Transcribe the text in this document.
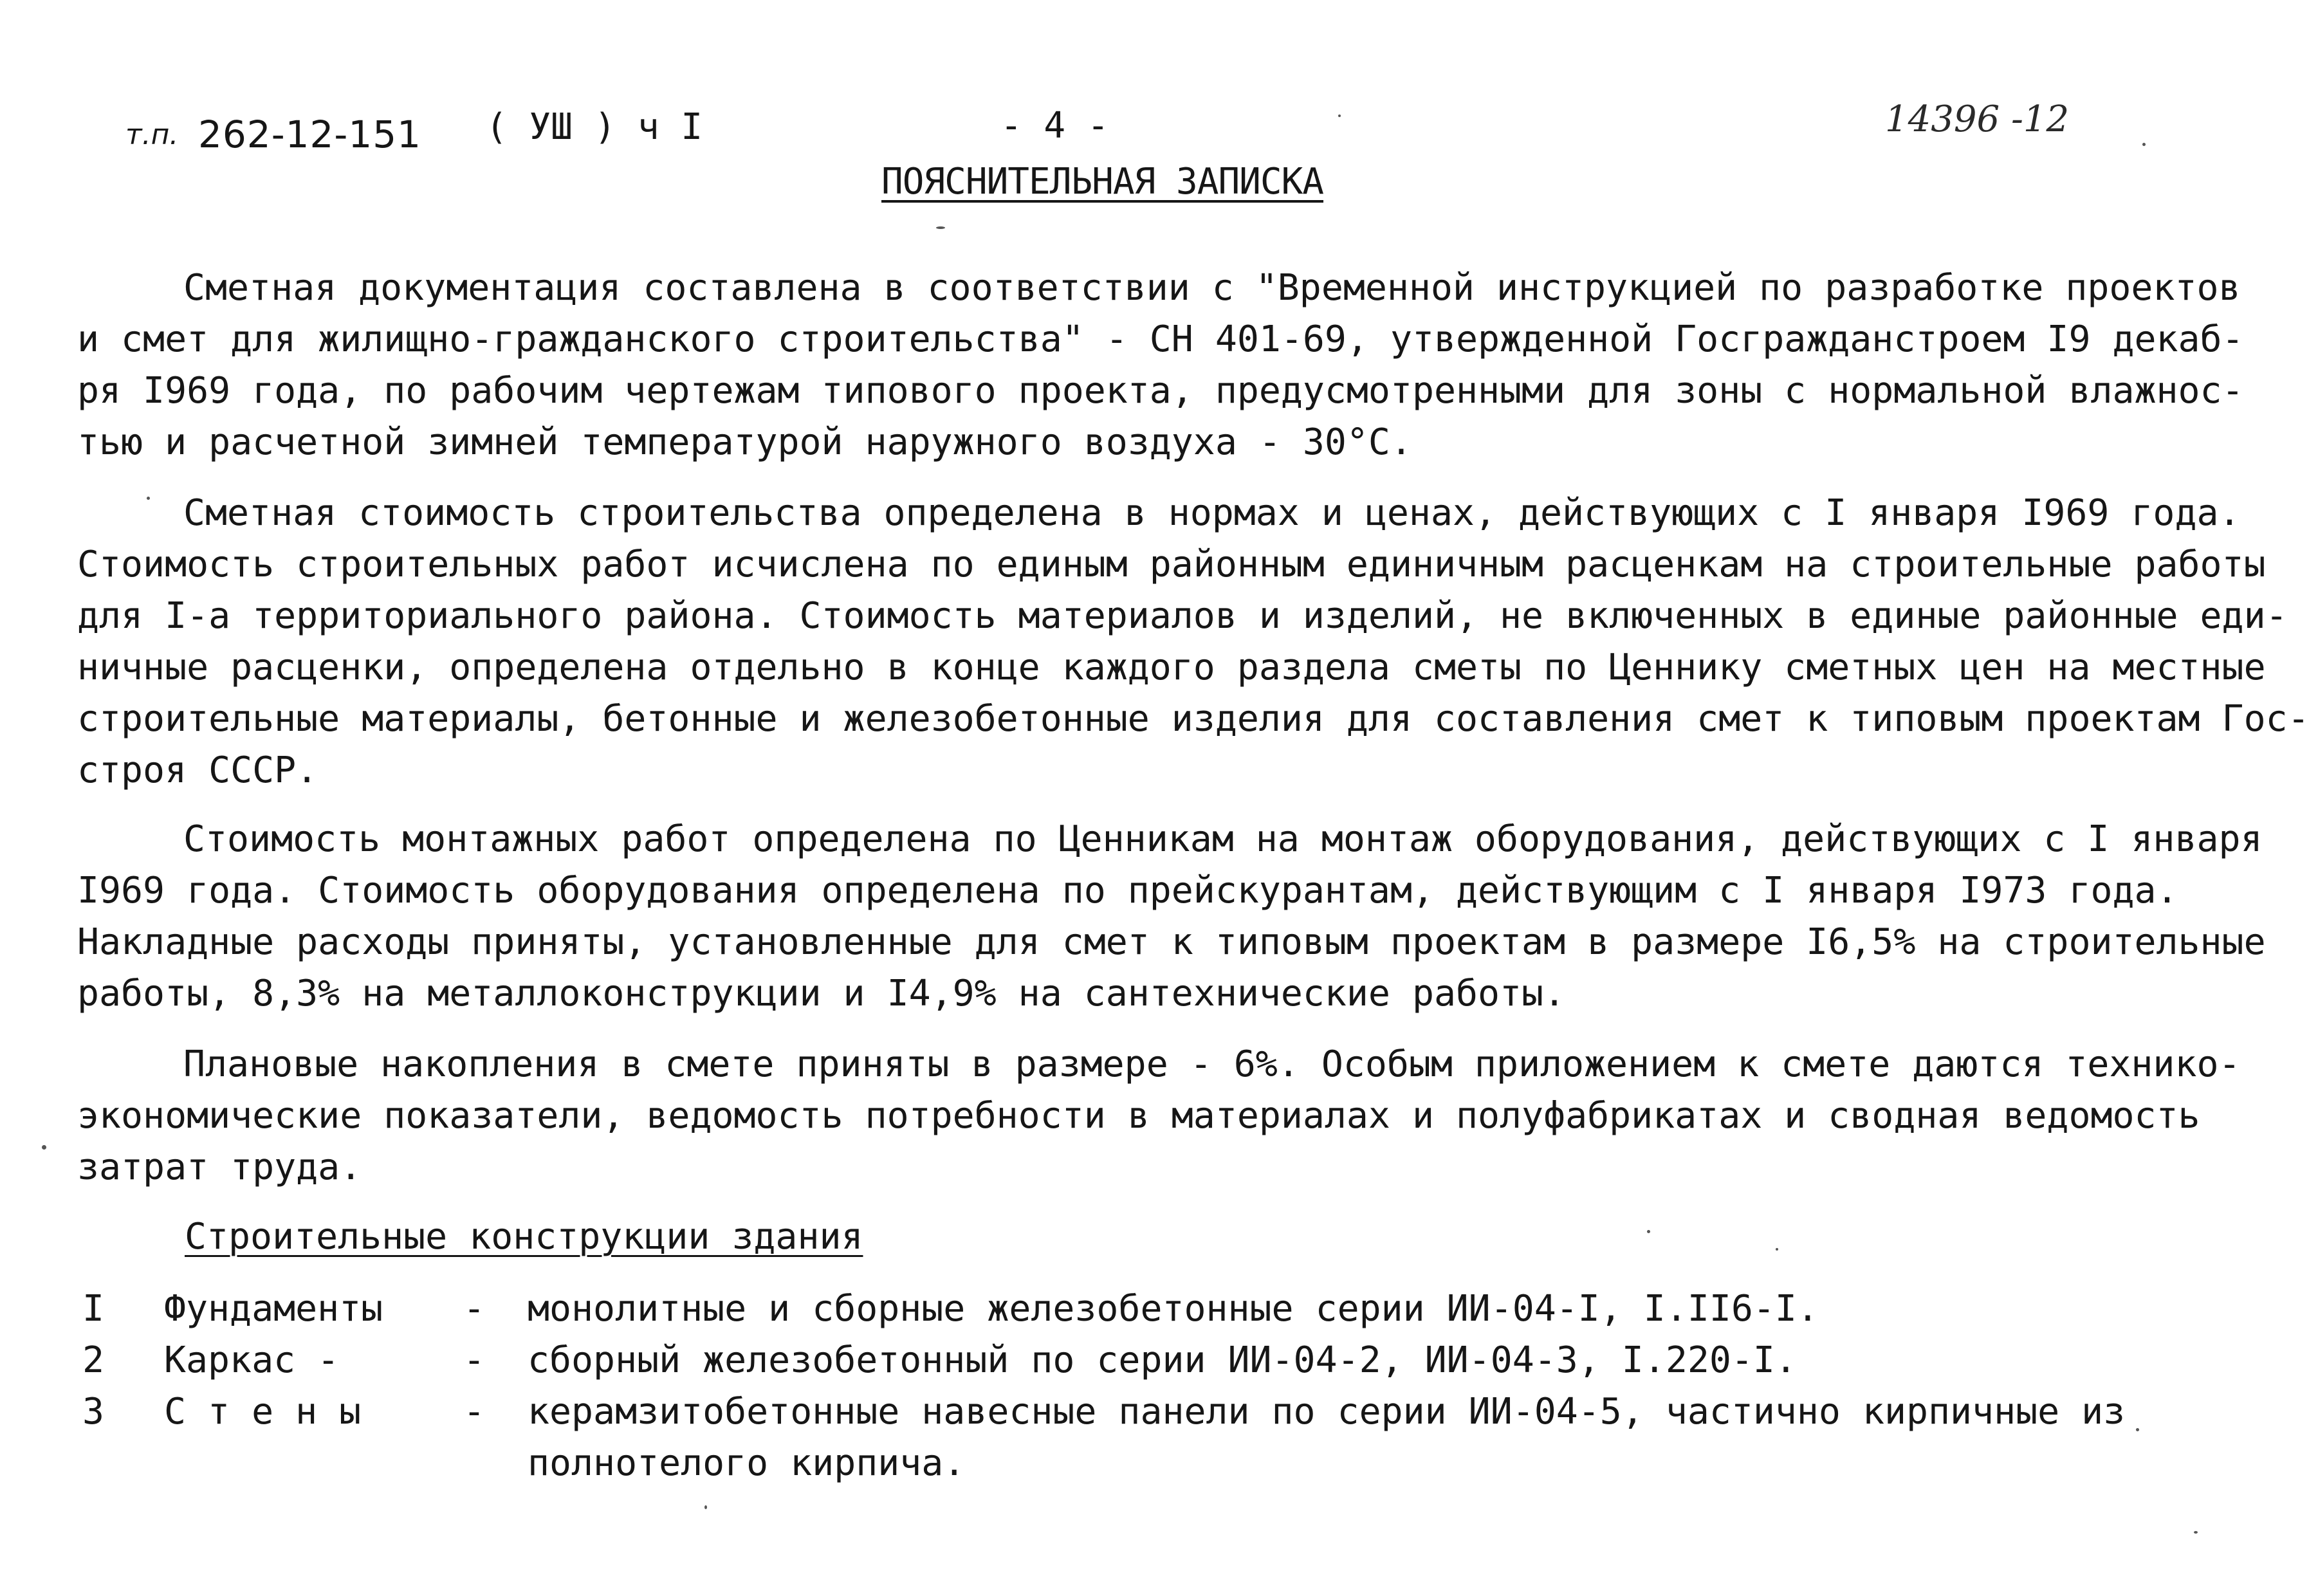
т.п. 262-12-151 ( УШ ) ч I	- 4 -	14396 -12
ПОЯСНИТЕЛЬНАЯ ЗАПИСКА
Сметная документация составлена в соответствии с "Временной инструкцией по разработке проектов
и смет для жилищно-гражданского строительства" - СН 401-69, утвержденной Госгражданстроем I9 декаб-
ря I969 года, по рабочим чертежам типового проекта, предусмотренными для зоны с нормальной влажнос-
тью и расчетной зимней температурой наружного воздуха - 30°С.
Сметная стоимость строительства определена в нормах и ценах, действующих с I января I969 года.
Стоимость строительных работ исчислена по единым районным единичным расценкам на строительные работы
для I-а территориального района. Стоимость материалов и изделий, не включенных в единые районные еди-
ничные расценки, определена отдельно в конце каждого раздела сметы по Ценнику сметных цен на местные
строительные материалы, бетонные и железобетонные изделия для составления смет к типовым проектам Гос-
строя СССР.
Стоимость монтажных работ определена по Ценникам на монтаж оборудования, действующих с I января
I969 года. Стоимость оборудования определена по прейскурантам, действующим с I января I973 года.
Накладные расходы приняты, установленные для смет к типовым проектам в размере I6,5% на строительные
работы, 8,3% на металлоконструкции и I4,9% на сантехнические работы.
Плановые накопления в смете приняты в размере - 6%. Особым приложением к смете даются технико-
экономические показатели, ведомость потребности в материалах и полуфабрикатах и сводная ведомость
затрат труда.
Строительные конструкции здания
I Фундаменты - монолитные и сборные железобетонные серии ИИ-04-I, I.II6-I.
2 Каркас -	- сборный железобетонный по серии ИИ-04-2, ИИ-04-3, I.220-I.
3 С т е н ы	- керамзитобетонные навесные панели по серии ИИ-04-5, частично кирпичные из
полнотелого кирпича.
